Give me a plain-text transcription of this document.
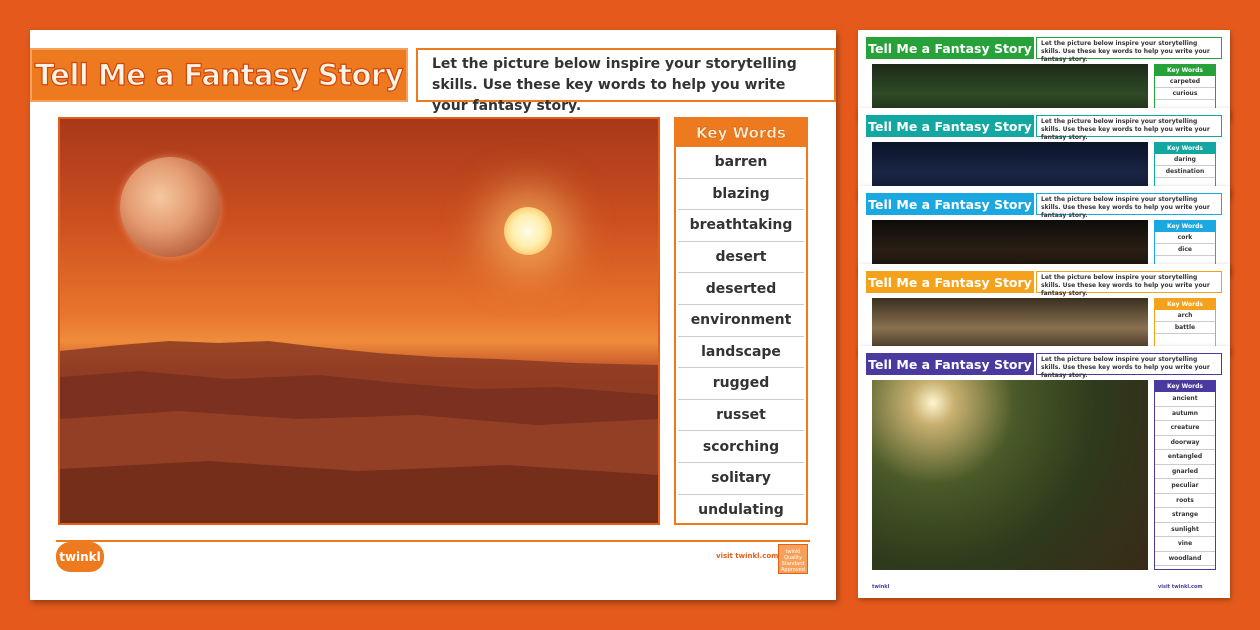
Tell Me a Fantasy Story	Let the picture below inspire your storytelling skills. Use these key words to help you write your fantasy story.
Key Words
barren
blazing
breathtaking
desert
deserted
environment
landscape
rugged
russet
scorching
solitary
undulating
twinkl	visit twinkl.com	twinkl Quality Standard Approved
Tell Me a Fantasy Story	Let the picture below inspire your storytelling skills. Use these key words to help you write your fantasy story.
Key Words
carpeted
curious
Tell Me a Fantasy Story	Let the picture below inspire your storytelling skills. Use these key words to help you write your fantasy story.
Key Words
daring
destination
Tell Me a Fantasy Story	Let the picture below inspire your storytelling skills. Use these key words to help you write your fantasy story.
Key Words
cork
dice
Tell Me a Fantasy Story	Let the picture below inspire your storytelling skills. Use these key words to help you write your fantasy story.
Key Words
arch
battle
Tell Me a Fantasy Story	Let the picture below inspire your storytelling skills. Use these key words to help you write your fantasy story.
Key Words
ancient
autumn
creature
doorway
entangled
gnarled
peculiar
roots
strange
sunlight
vine
woodland
twinkl	visit twinkl.com
